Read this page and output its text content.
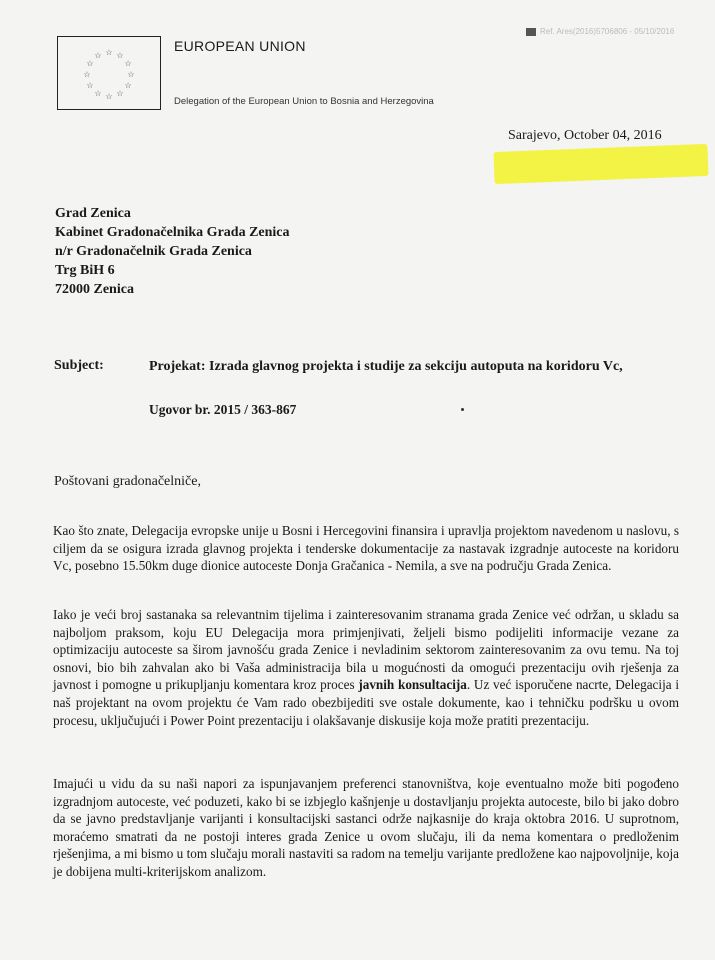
☆ ☆
☆
☆
☆
☆
☆
☆
☆
☆
☆
☆
EUROPEAN UNION
Delegation of the European Union to Bosnia and Herzegovina
Ref. Ares(2016)5706806 - 05/10/2016
Sarajevo, October 04, 2016
Grad Zenica
Kabinet Gradonačelnika Grada Zenica
n/r Gradonačelnik Grada Zenica
Trg BiH 6
72000 Zenica
Subject:	Projekat: Izrada glavnog projekta i studije za sekciju autoputa na koridoru Vc,
Ugovor br. 2015 / 363-867
Poštovani gradonačelniče,
Kao što znate, Delegacija evropske unije u Bosni i Hercegovini finansira i upravlja projektom navedenom u naslovu, s ciljem da se osigura izrada glavnog projekta i tenderske dokumentacije za nastavak izgradnje autoceste na koridoru Vc, posebno 15.50km duge dionice autoceste Donja Gračanica - Nemila, a sve na području Grada Zenica.
Iako je veći broj sastanaka sa relevantnim tijelima i zainteresovanim stranama grada Zenice već održan, u skladu sa najboljom praksom, koju EU Delegacija mora primjenjivati, željeli bismo podijeliti informacije vezane za optimizaciju autoceste sa širom javnošću grada Zenice i nevladinim sektorom zainteresovanim za ovu temu. Na toj osnovi, bio bih zahvalan ako bi Vaša administracija bila u mogućnosti da omogući prezentaciju ovih rješenja za javnost i pomogne u prikupljanju komentara kroz proces javnih konsultacija. Uz već isporučene nacrte, Delegacija i naš projektant na ovom projektu će Vam rado obezbijediti sve ostale dokumente, kao i tehničku podršku u ovom procesu, uključujući i Power Point prezentaciju i olakšavanje diskusije koja može pratiti prezentaciju.
Imajući u vidu da su naši napori za ispunjavanjem preferenci stanovništva, koje eventualno može biti pogođeno izgradnjom autoceste, već poduzeti, kako bi se izbjeglo kašnjenje u dostavljanju projekta autoceste, bilo bi jako dobro da se javno predstavljanje varijanti i konsultacijski sastanci održe najkasnije do kraja oktobra 2016. U suprotnom, moraćemo smatrati da ne postoji interes grada Zenice u ovom slučaju, ili da nema komentara o predloženim rješenjima, a mi bismo u tom slučaju morali nastaviti sa radom na temelju varijante predložene kao najpovoljnije, koja je dobijena multi-kriterijskom analizom.
